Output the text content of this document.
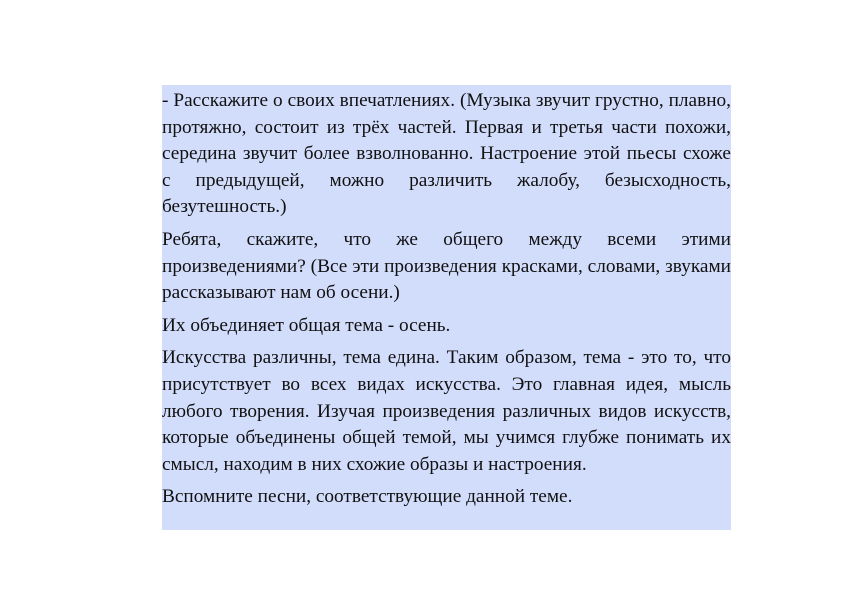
- Расскажите о своих впечатлениях. (Музыка звучит грустно, плавно, протяжно, состоит из трёх частей. Первая и третья части похожи, середина звучит более взволнованно. Настроение этой пьесы схоже с предыдущей, можно различить жалобу, безысходность, безутешность.)

Ребята, скажите, что же общего между всеми этими произведениями? (Все эти произведения красками, словами, звуками рассказывают нам об осени.)

Их объединяет общая тема - осень.

Искусства различны, тема едина. Таким образом, тема - это то, что присутствует во всех видах искусства. Это главная идея, мысль любого творения. Изучая произведения различных видов искусств, которые объединены общей темой, мы учимся глубже понимать их смысл, находим в них схожие образы и настроения.

Вспомните песни, соответствующие данной теме.
